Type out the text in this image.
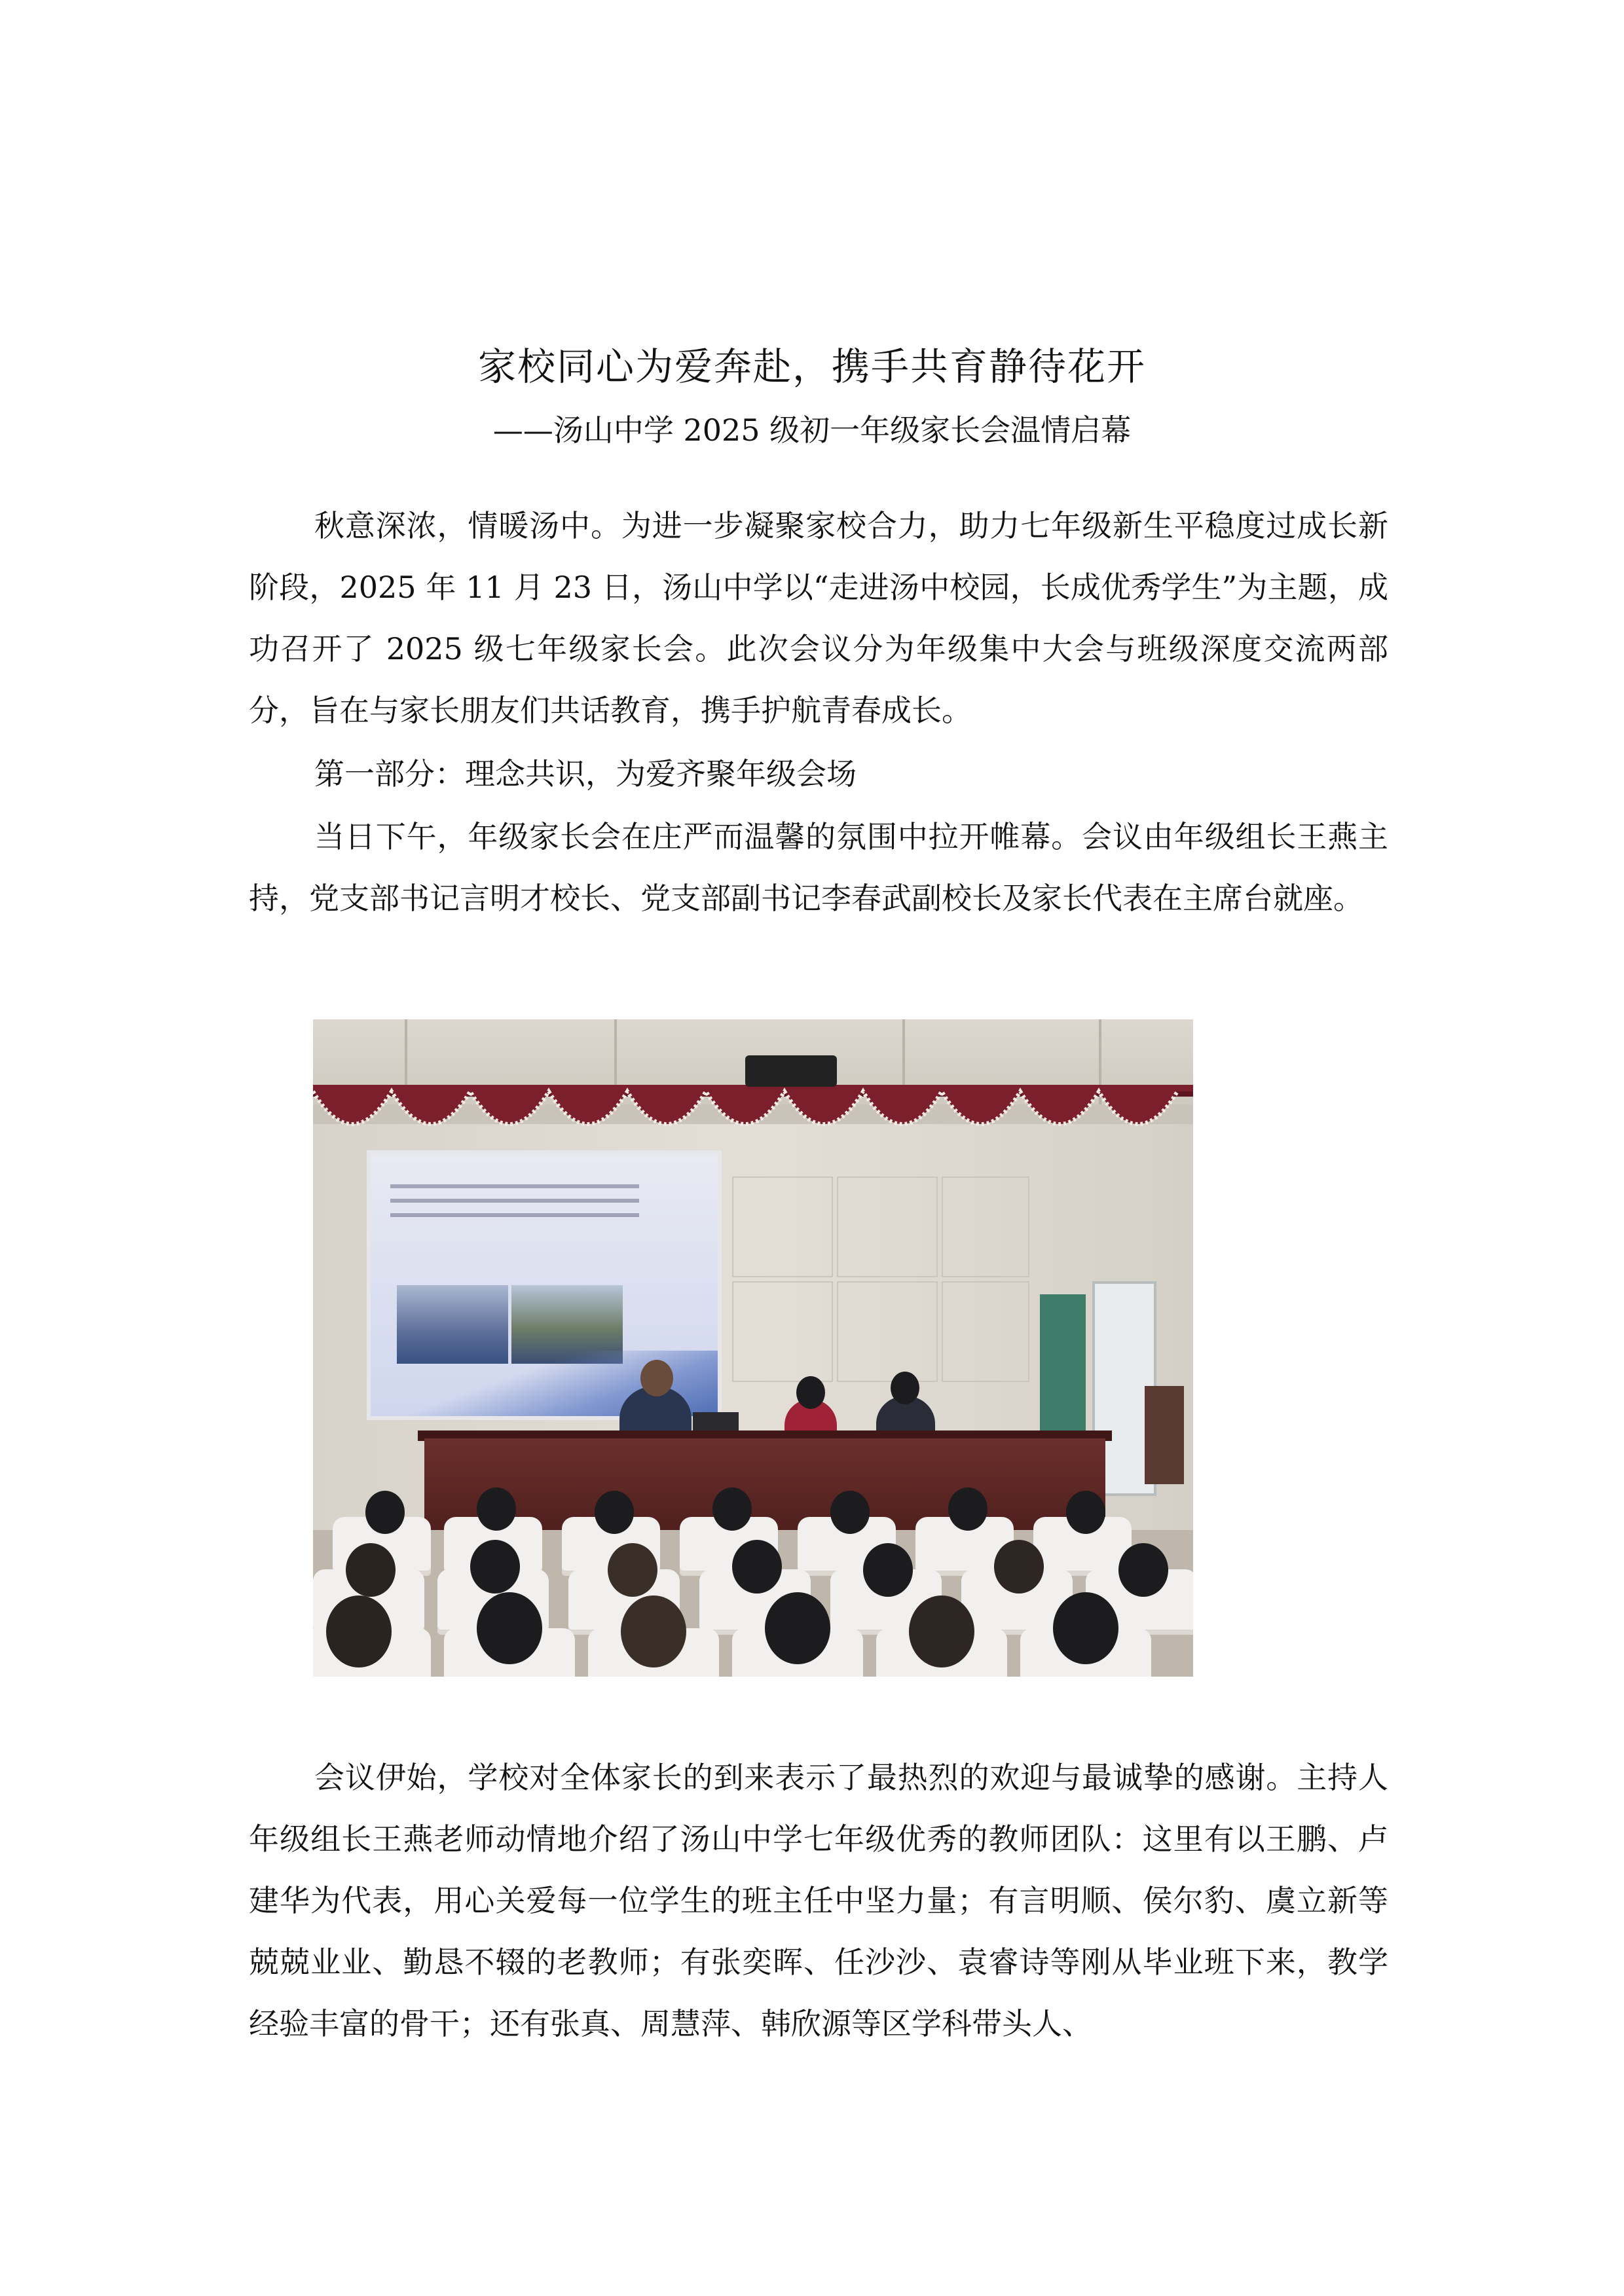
家校同心为爱奔赴，携手共育静待花开
——汤山中学 2025 级初一年级家长会温情启幕

秋意深浓，情暖汤中。为进一步凝聚家校合力，助力七年级新生平稳度过成长新阶段，2025 年 11 月 23 日，汤山中学以“走进汤中校园，长成优秀学生”为主题，成功召开了 2025 级七年级家长会。此次会议分为年级集中大会与班级深度交流两部分，旨在与家长朋友们共话教育，携手护航青春成长。

第一部分：理念共识，为爱齐聚年级会场

当日下午，年级家长会在庄严而温馨的氛围中拉开帷幕。会议由年级组长王燕主持，党支部书记言明才校长、党支部副书记李春武副校长及家长代表在主席台就座。

会议伊始，学校对全体家长的到来表示了最热烈的欢迎与最诚挚的感谢。主持人年级组长王燕老师动情地介绍了汤山中学七年级优秀的教师团队：这里有以王鹏、卢建华为代表，用心关爱每一位学生的班主任中坚力量；有言明顺、侯尔豹、虞立新等兢兢业业、勤恳不辍的老教师；有张奕晖、任沙沙、袁睿诗等刚从毕业班下来，教学经验丰富的骨干；还有张真、周慧萍、韩欣源等区学科带头人、
